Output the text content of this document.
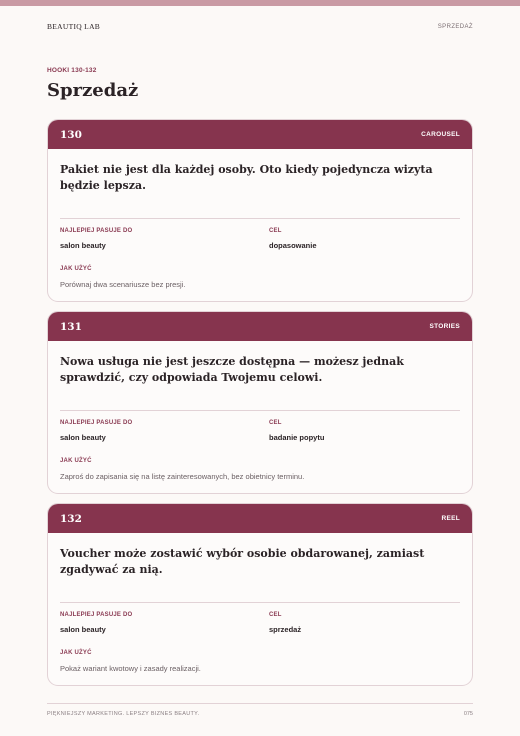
BEAUTIQ LAB	SPRZEDAŻ
HOOKI 130-132
Sprzedaż
130	CAROUSEL
Pakiet nie jest dla każdej osoby. Oto kiedy pojedyncza wizyta będzie lepsza.
NAJLEPIEJ PASUJE DO
salon beauty
CEL
dopasowanie
JAK UŻYĆ
Porównaj dwa scenariusze bez presji.
131	STORIES
Nowa usługa nie jest jeszcze dostępna — możesz jednak sprawdzić, czy odpowiada Twojemu celowi.
NAJLEPIEJ PASUJE DO
salon beauty
CEL
badanie popytu
JAK UŻYĆ
Zaproś do zapisania się na listę zainteresowanych, bez obietnicy terminu.
132	REEL
Voucher może zostawić wybór osobie obdarowanej, zamiast zgadywać za nią.
NAJLEPIEJ PASUJE DO
salon beauty
CEL
sprzedaż
JAK UŻYĆ
Pokaż wariant kwotowy i zasady realizacji.
PIĘKNIEJSZY MARKETING. LEPSZY BIZNES BEAUTY.	075
